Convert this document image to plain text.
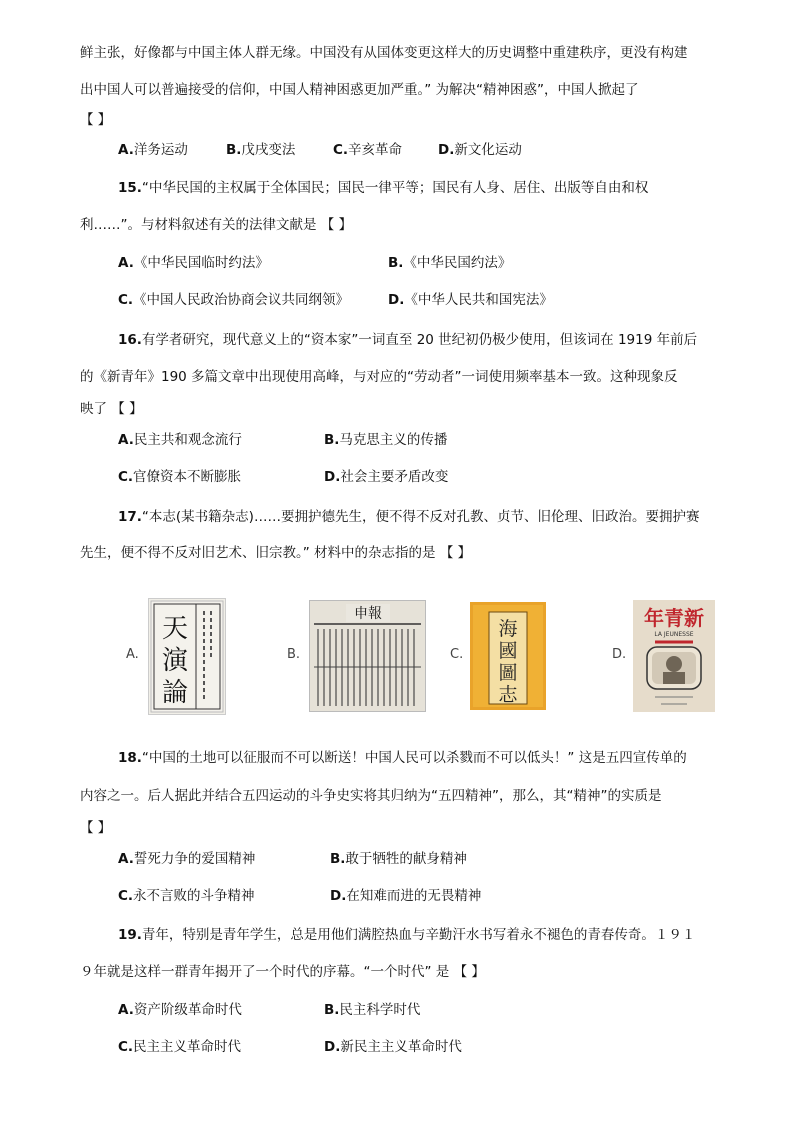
鲜主张，好像都与中国主体人群无缘。中国没有从国体变更这样大的历史调整中重建秩序，更没有构建
出中国人可以普遍接受的信仰，中国人精神困惑更加严重。” 为解决“精神困惑”，中国人掀起了
【 】
A.洋务运动	B.戊戌变法	C.辛亥革命	D.新文化运动
15.“中华民国的主权属于全体国民；国民一律平等；国民有人身、居住、出版等自由和权
利……”。与材料叙述有关的法律文献是 【 】
A.《中华民国临时约法》	B.《中华民国约法》
C.《中国人民政治协商会议共同纲领》	D.《中华人民共和国宪法》
16.有学者研究，现代意义上的“资本家”一词直至 20 世纪初仍极少使用，但该词在 1919 年前后
的《新青年》190 多篇文章中出现使用高峰，与对应的“劳动者”一词使用频率基本一致。这种现象反
映了 【 】
A.民主共和观念流行	B.马克思主义的传播
C.官僚资本不断膨胀	D.社会主要矛盾改变
17.“本志(某书籍杂志)……要拥护德先生，便不得不反对孔教、贞节、旧伦理、旧政治。要拥护赛
先生，便不得不反对旧艺术、旧宗教。” 材料中的杂志指的是 【 】
A.
天
演
論
B.
申報
C.
海
國
圖
志
D.
年青新
LA JEUNESSE
18.“中国的土地可以征服而不可以断送！中国人民可以杀戮而不可以低头！” 这是五四宣传单的
内容之一。后人据此并结合五四运动的斗争史实将其归纳为“五四精神”，那么，其“精神”的实质是
【 】
A.誓死力争的爱国精神	B.敢于牺牲的献身精神
C.永不言败的斗争精神	D.在知难而进的无畏精神
19.青年，特别是青年学生，总是用他们满腔热血与辛勤汗水书写着永不褪色的青春传奇。１９１
９年就是这样一群青年揭开了一个时代的序幕。“一个时代” 是 【 】
A.资产阶级革命时代	B.民主科学时代
C.民主主义革命时代	D.新民主主义革命时代
